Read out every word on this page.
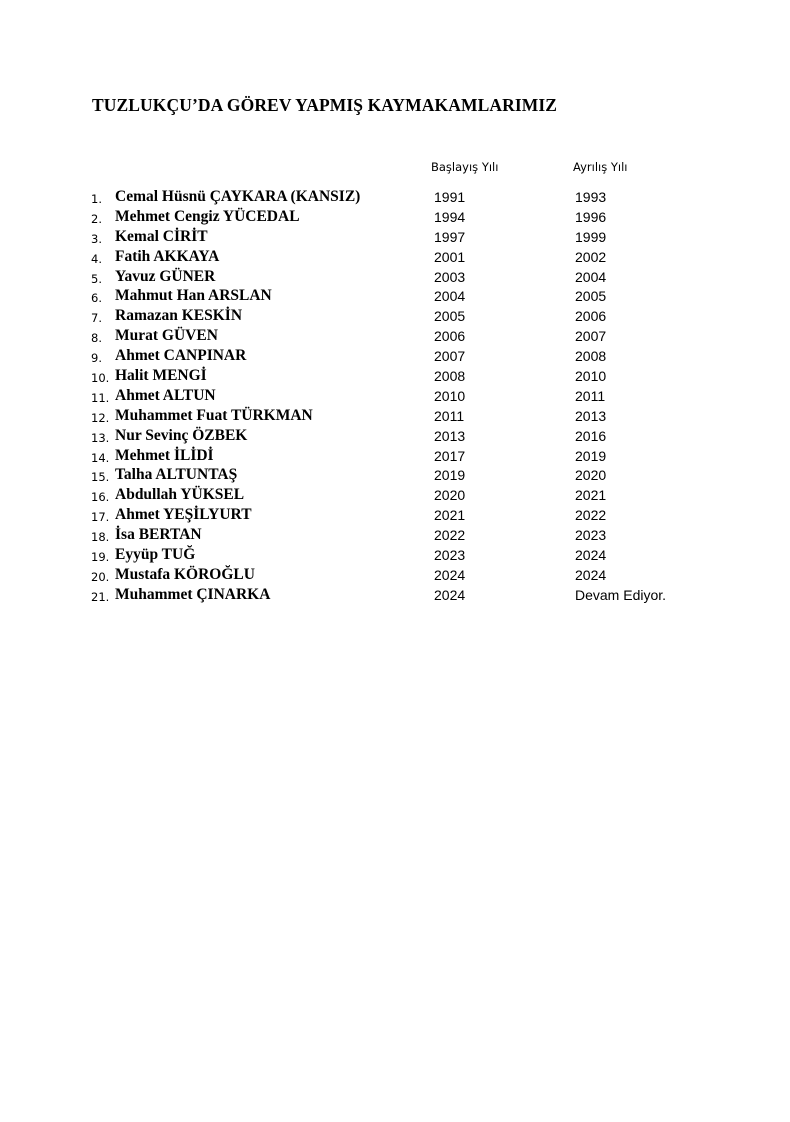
TUZLUKÇU’DA GÖREV YAPMIŞ KAYMAKAMLARIMIZ
Başlayış Yılı	Ayrılış Yılı
1. Cemal Hüsnü ÇAYKARA (KANSIZ)	1991	1993
2. Mehmet Cengiz YÜCEDAL	1994	1996
3. Kemal CİRİT	1997	1999
4. Fatih AKKAYA	2001	2002
5. Yavuz GÜNER	2003	2004
6. Mahmut Han ARSLAN	2004	2005
7. Ramazan KESKİN	2005	2006
8. Murat GÜVEN	2006	2007
9. Ahmet CANPINAR	2007	2008
10. Halit MENGİ	2008	2010
11. Ahmet ALTUN	2010	2011
12. Muhammet Fuat TÜRKMAN	2011	2013
13. Nur Sevinç ÖZBEK	2013	2016
14. Mehmet İLİDİ	2017	2019
15. Talha ALTUNTAŞ	2019	2020
16. Abdullah YÜKSEL	2020	2021
17. Ahmet YEŞİLYURT	2021	2022
18. İsa BERTAN	2022	2023
19. Eyyüp TUĞ	2023	2024
20. Mustafa KÖROĞLU	2024	2024
21. Muhammet ÇINARKA	2024	Devam Ediyor.
